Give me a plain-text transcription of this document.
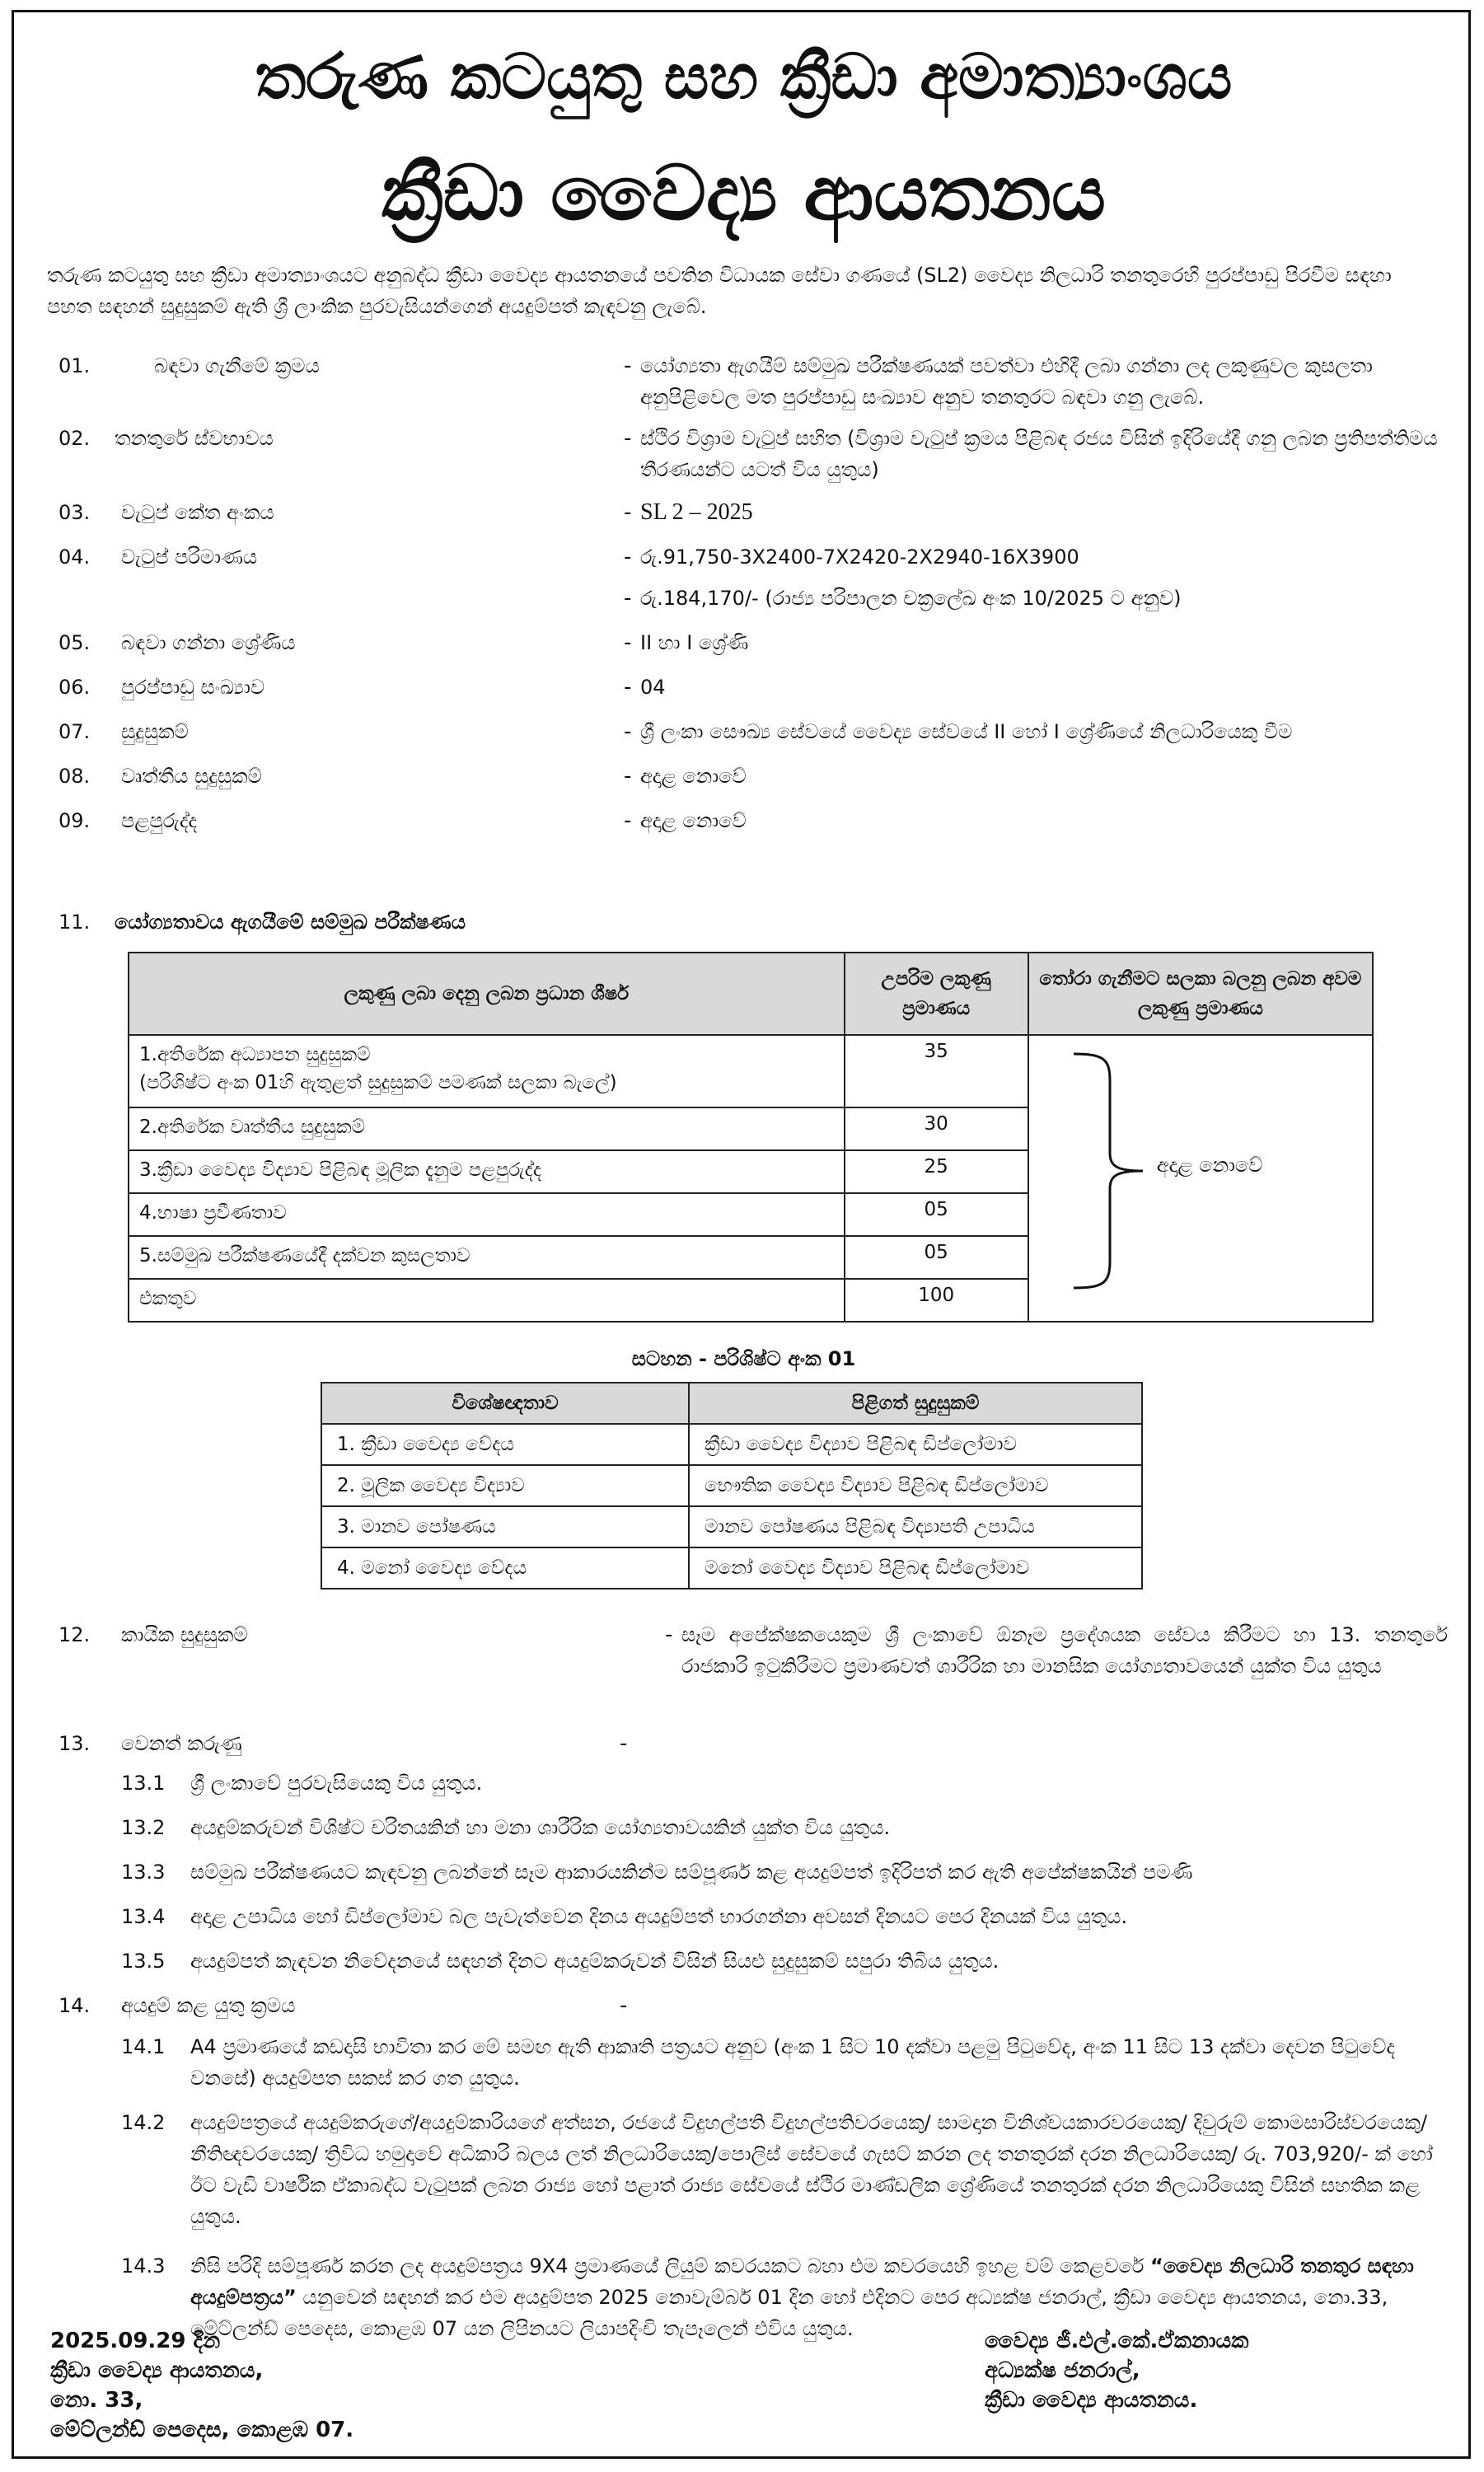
තරුණ කටයුතු සහ ක්‍රීඩා අමාත්‍යාංශය
ක්‍රීඩා වෛද්‍ය ආයතනය
තරුණ කටයුතු සහ ක්‍රීඩා අමාත්‍යාංශයට අනුබද්ධ ක්‍රීඩා වෛද්‍ය ආයතනයේ පවතින විධායක සේවා ගණයේ (SL2) වෛද්‍ය නිලධාරි තනතුරෙහි පුරප්පාඩු පිරවීම සඳහා පහත සඳහන් සුදුසුකම් ඇති ශ්‍රී ලාංකික පුරවැසියන්ගෙන් අයදුම්පත් කැඳවනු ලැබේ.
01.	බඳවා ගැනීමේ ක්‍රමය	- යෝග්‍යතා ඇගයීම් සම්මුඛ පරීක්ෂණයක් පවත්වා එහිදී ලබා ගන්නා ලද ලකුණුවල කුසලතා අනුපිළිවෙල මත පුරප්පාඩු සංඛ්‍යාව අනුව තනතුරට බඳවා ගනු ලැබේ.
02. තනතුරේ ස්වභාවය	- ස්ථිර විශ්‍රාම වැටුප් සහිත (විශ්‍රාම වැටුප් ක්‍රමය පිළිබඳ රජය විසින් ඉදිරියේදී ගනු ලබන ප්‍රතිපත්තිමය තීරණයන්ට යටත් විය යුතුය)
03. වැටුප් කේත අංකය	- SL 2 – 2025
04. වැටුප් පරිමාණය	- රු.91,750-3X2400-7X2420-2X2940-16X3900
- රු.184,170/- (රාජ්‍ය පරිපාලන චක්‍රලේඛ අංක 10/2025 ට අනුව)
05. බඳවා ගන්නා ශ්‍රේණිය	- II හා I ශ්‍රේණි
06. පුරප්පාඩු සංඛ්‍යාව	- 04
07. සුදුසුකම්	- ශ්‍රී ලංකා සෞඛ්‍ය සේවයේ වෛද්‍ය සේවයේ II හෝ I ශ්‍රේණියේ නිලධාරියෙකු වීම
08. වෘත්තීය සුදුසුකම්	- අදාළ නොවේ
09. පළපුරුද්ද	- අදාළ නොවේ
11. යෝග්‍යතාවය ඇගයීමේ සම්මුඛ පරීක්ෂණය
ලකුණු ලබා දෙනු ලබන ප්‍රධාන ශීර්ෂ	උපරිම ලකුණු ප්‍රමාණය	තෝරා ගැනීමට සලකා බලනු ලබන අවම ලකුණු ප්‍රමාණය

1.අතිරේක අධ්‍යාපන සුදුසුකම්
(පරිශිෂ්ට අංක 01හි ඇතුළත් සුදුසුකම් පමණක් සලකා බැලේ)	35	අදාළ නොවේ

2.අතිරේක වෘත්තීය සුදුසුකම්	30	
3.ක්‍රීඩා වෛද්‍ය විද්‍යාව පිළිබඳ මූලික දැනුම පළපුරුද්ද	25	
4.භාෂා ප්‍රවීණතාව	05	
5.සම්මුඛ පරීක්ෂණයේදී දක්වන කුසලතාව	05	
එකතුව	100	
සටහන - පරිශිෂ්ට අංක 01
විශේෂඥතාව	පිළිගත් සුදුසුකම්
1. ක්‍රීඩා වෛද්‍ය වේදය	ක්‍රීඩා වෛද්‍ය විද්‍යාව පිළිබඳ ඩිප්ලෝමාව
2. මූලික වෛද්‍ය විද්‍යාව	භෞතික වෛද්‍ය විද්‍යාව පිළිබඳ ඩිප්ලෝමාව
3. මානව පෝෂණය	මානව පෝෂණය පිළිබඳ විද්‍යාපති උපාධිය
4. මනෝ වෛද්‍ය වේදය	මනෝ වෛද්‍ය විද්‍යාව පිළිබඳ ඩිප්ලෝමාව
12. කායික සුදුසුකම්	- සෑම අපේක්ෂකයෙකුම ශ්‍රී ලංකාවේ ඕනෑම ප්‍රදේශයක සේවය කිරීමට හා 13. තනතුරේ රාජකාරි ඉටුකිරීමට ප්‍රමාණවත් ශාරීරික හා මානසික යෝග්‍යතාවයෙන් යුක්ත විය යුතුය
13. වෙනත් කරුණු	-
13.1 ශ්‍රී ලංකාවේ පුරවැසියෙකු විය යුතුය.
13.2 අයදුම්කරුවන් විශිෂ්ට චරිතයකින් හා මනා ශාරීරික යෝග්‍යතාවයකින් යුක්ත විය යුතුය.
13.3 සම්මුඛ පරීක්ෂණයට කැඳවනු ලබන්නේ සෑම ආකාරයකින්ම සම්පූර්ණ කළ අයදුම්පත් ඉදිරිපත් කර ඇති අපේක්ෂකයින් පමණි
13.4 අදාළ උපාධිය හෝ ඩිප්ලෝමාව බල පැවැත්වෙන දිනය අයදුම්පත් භාරගන්නා අවසන් දිනයට පෙර දිනයක් විය යුතුය.
13.5 අයදුම්පත් කැඳවන නිවේදනයේ සඳහන් දිනට අයදුම්කරුවන් විසින් සියළු සුදුසුකම් සපුරා තිබිය යුතුය.
14. අයදුම් කළ යුතු ක්‍රමය	-
14.1 A4 ප්‍රමාණයේ කඩදාසි භාවිතා කර මේ සමඟ ඇති ආකෘති පත්‍රයට අනුව (අංක 1 සිට 10 දක්වා පළමු පිටුවේද, අංක 11 සිට 13 දක්වා දෙවන පිටුවේද වනසේ) අයදුම්පත සකස් කර ගත යුතුය.
14.2 අයදුම්පත්‍රයේ අයදුම්කරුගේ/අයදුම්කාරියගේ අත්සන, රජයේ විදුහල්පති විදුහල්පතිවරයෙකු/ සාමදාන විනිශ්චයකාරවරයෙකු/ දිවුරුම් කොමසාරිස්වරයෙකු/ නීතිඥවරයෙකු/ ත්‍රිවිධ හමුදාවේ අධිකාරි බලය ලත් නිලධාරියෙකු/පොලිස් සේවයේ ගැසට් කරන ලද තනතුරක් දරන නිලධාරියෙකු/ රු. 703,920/- ක් හෝ ඊට වැඩි වාර්ෂික ඒකාබද්ධ වැටුපක් ලබන රාජ්‍ය හෝ පළාත් රාජ්‍ය සේවයේ ස්ථිර මාණ්ඩලික ශ්‍රේණියේ තනතුරක් දරන නිලධාරියෙකු විසින් සහතික කළ යුතුය.
14.3 නිසි පරිදි සම්පූර්ණ කරන ලද අයදුම්පත්‍රය 9X4 ප්‍රමාණයේ ලියුම් කවරයකට බහා එම කවරයෙහි ඉහළ වම් කෙළවරේ “වෛද්‍ය නිලධාරි තනතුර සඳහා අයදුම්පත්‍රය” යනුවෙන් සඳහන් කර එම අයදුම්පත 2025 නොවැම්බර් 01 දින හෝ එදිනට පෙර අධ්‍යක්ෂ ජනරාල්, ක්‍රීඩා වෛද්‍ය ආයතනය, නො.33, මේට්ලන්ඩ් පෙදෙස, කොළඹ 07 යන ලිපිනයට ලියාපදිංචි තැපෑලෙන් එවිය යුතුය.
2025.09.29 දින
ක්‍රීඩා වෛද්‍ය ආයතනය,
නො. 33,
මේට්ලන්ඩ් පෙදෙස, කොළඹ 07.
වෛද්‍ය ජී.එල්.කේ.ඒකනායක
අධ්‍යක්ෂ ජනරාල්,
ක්‍රීඩා වෛද්‍ය ආයතනය.
